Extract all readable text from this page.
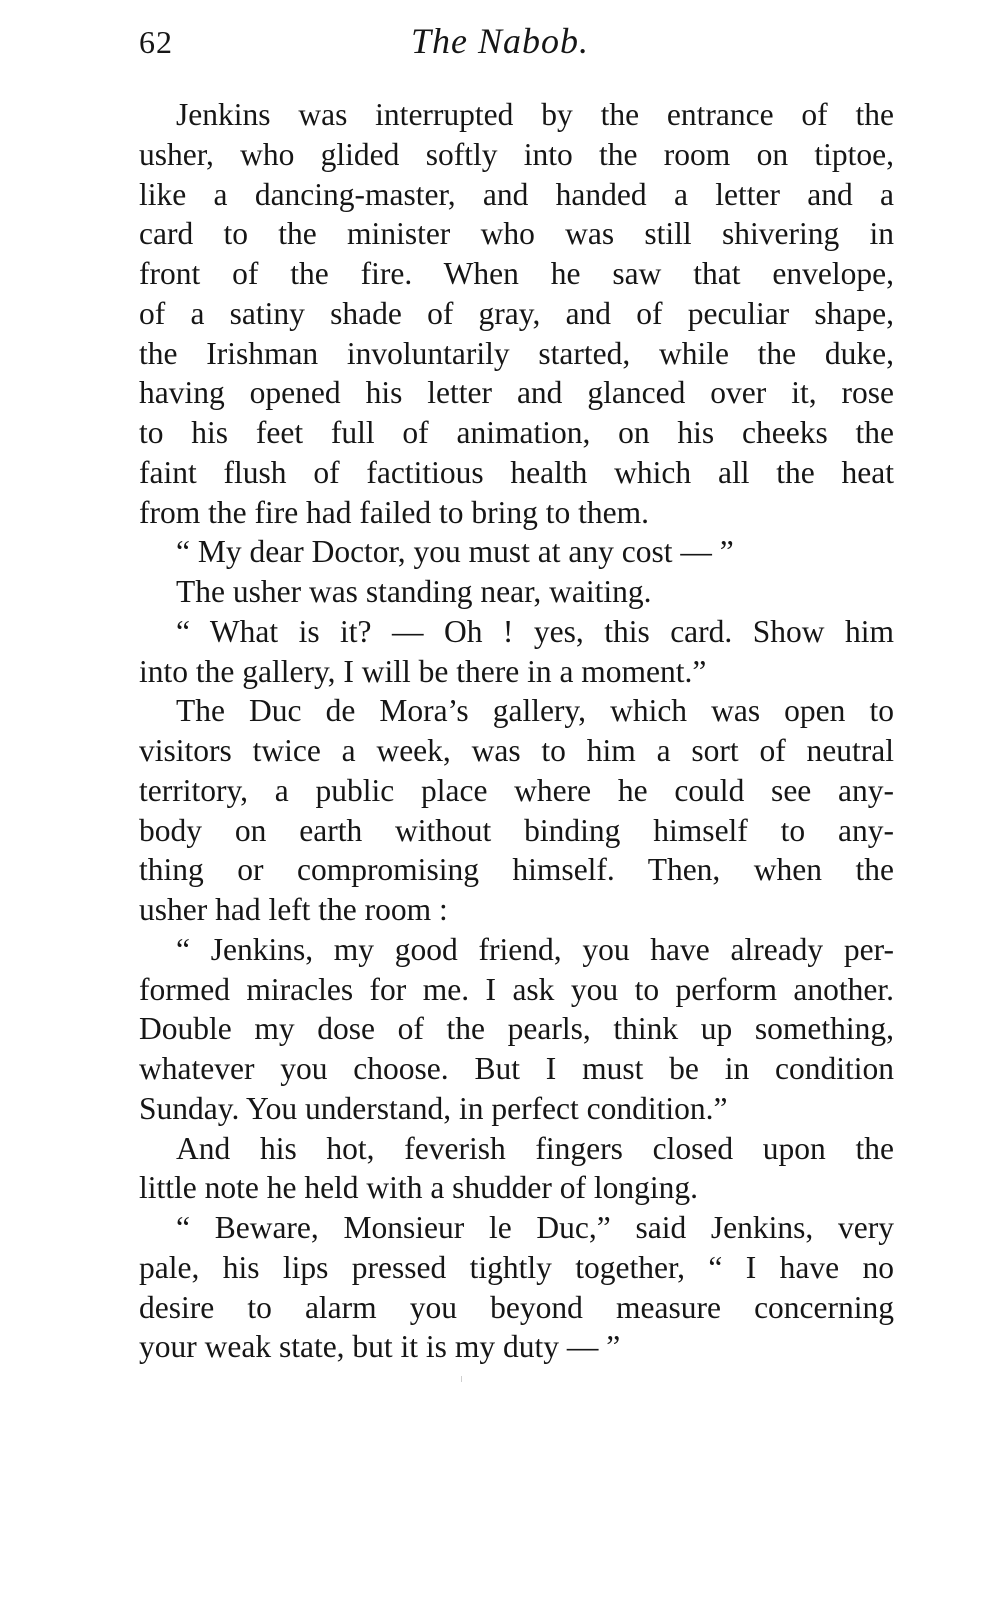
62	The Nabob.
Jenkins was interrupted by the entrance of the
usher, who glided softly into the room on tiptoe,
like a dancing-master, and handed a letter and a
card to the minister who was still shivering in
front of the fire. When he saw that envelope,
of a satiny shade of gray, and of peculiar shape,
the Irishman involuntarily started, while the duke,
having opened his letter and glanced over it, rose
to his feet full of animation, on his cheeks the
faint flush of factitious health which all the heat
from the fire had failed to bring to them.
“ My dear Doctor, you must at any cost — ”
The usher was standing near, waiting.
“ What is it? — Oh ! yes, this card. Show him
into the gallery, I will be there in a moment.”
The Duc de Mora’s gallery, which was open to
visitors twice a week, was to him a sort of neutral
territory, a public place where he could see any-
body on earth without binding himself to any-
thing or compromising himself. Then, when the
usher had left the room :
“ Jenkins, my good friend, you have already per-
formed miracles for me. I ask you to perform another.
Double my dose of the pearls, think up something,
whatever you choose. But I must be in condition
Sunday. You understand, in perfect condition.”
And his hot, feverish fingers closed upon the
little note he held with a shudder of longing.
“ Beware, Monsieur le Duc,” said Jenkins, very
pale, his lips pressed tightly together, “ I have no
desire to alarm you beyond measure concerning
your weak state, but it is my duty — ”
